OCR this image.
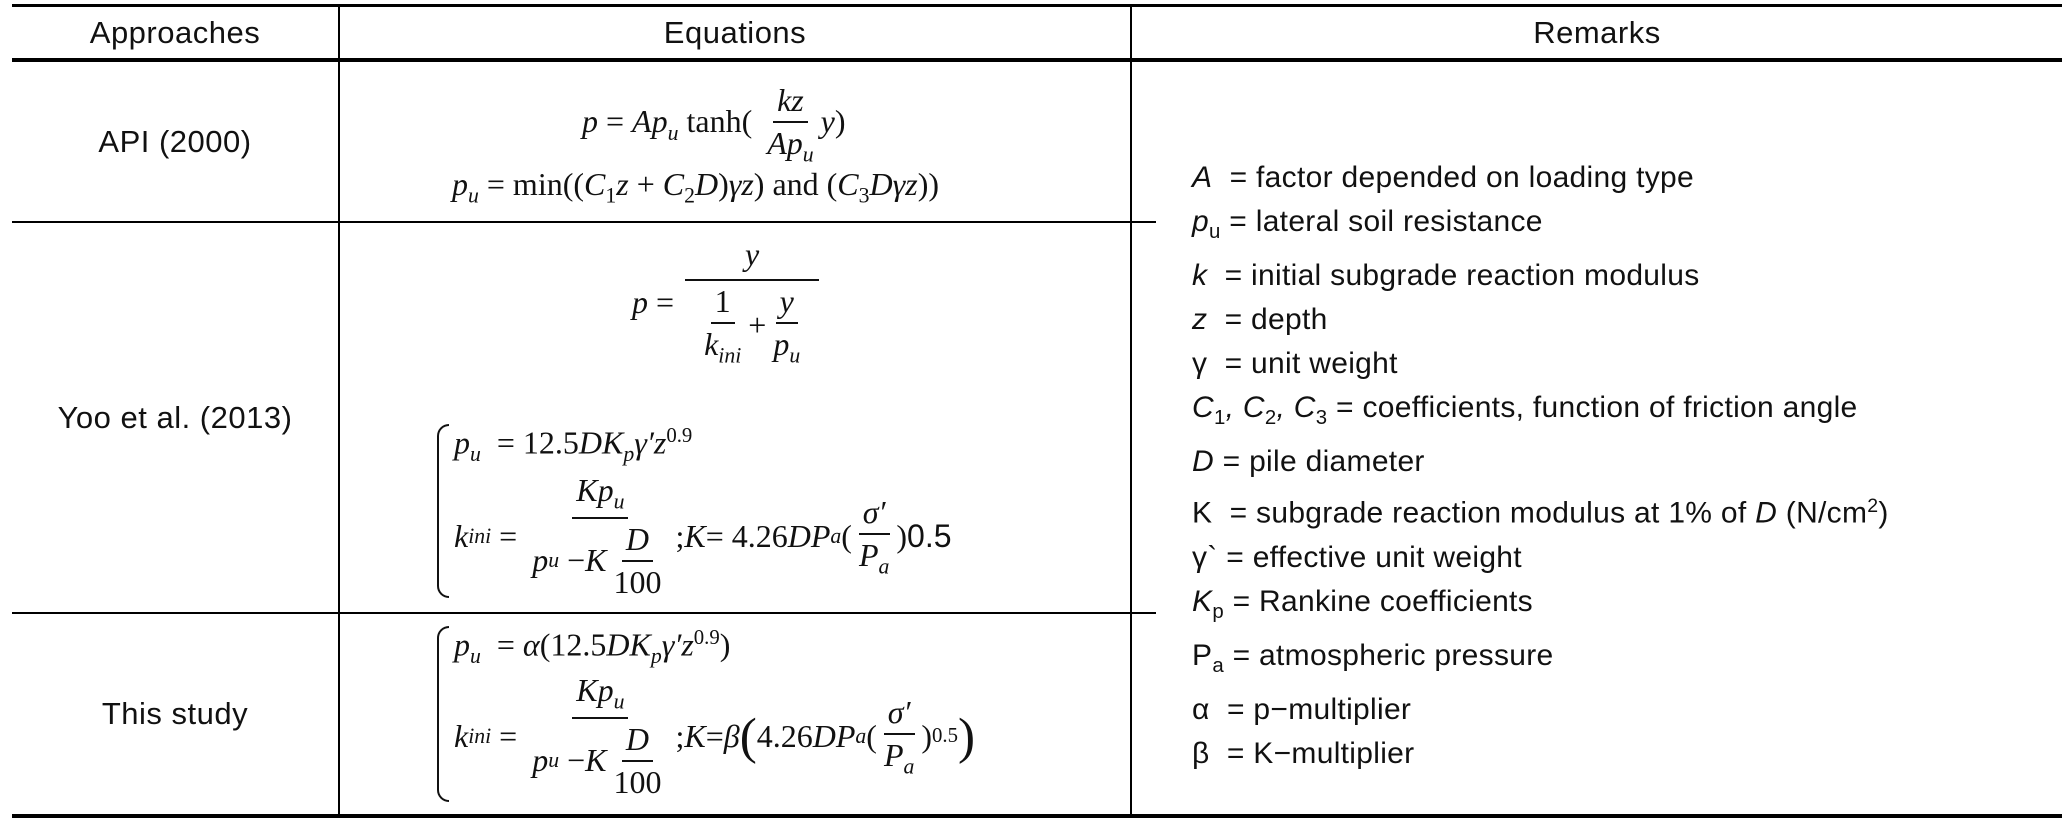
Approaches	Equations	Remarks
API (2000)
Yoo et al. (2013)
This study
$p = Ap_u$ $\tanh( \frac{kz}{Ap_u} y)$
$p_u = \min((C_1z + C_2D)\gamma z)$ and $(C_3D\gamma z)$)
$p = \frac{y}{\frac{1}{k_{ini}} + \frac{y}{p_u}}$
$p_u = 12.5DK_p\gamma'z^{0.9}$
k ini = $\frac{Kp_u}{p u - K \frac{D}{100}}$ ; K = 4.26 DP a ( $\frac{\sigma'}{P_a}$ ) 0.5
$p_u = \alpha(12.5DK_p\gamma'z^{0.9})$
k ini = $\frac{Kp_u}{p u - K \frac{D}{100}}$ ; K = β ( 4.26 DP a ( $\frac{\sigma'}{P_a}$ ) 0.5 )
A = factor depended on loading type
$p_u$ = lateral soil resistance
k = initial subgrade reaction modulus
z = depth
γ = unit weight
$C_1$, $C_2$, $C_3$ = coefficients, function of friction angle
D = pile diameter
K  = subgrade reaction modulus at 1% of D $(N/cm^2)$
γ` = effective unit weight
$K_p$ = Rankine coefficients
$P_a$ = atmospheric pressure
α = p−multiplier
β = K−multiplier
